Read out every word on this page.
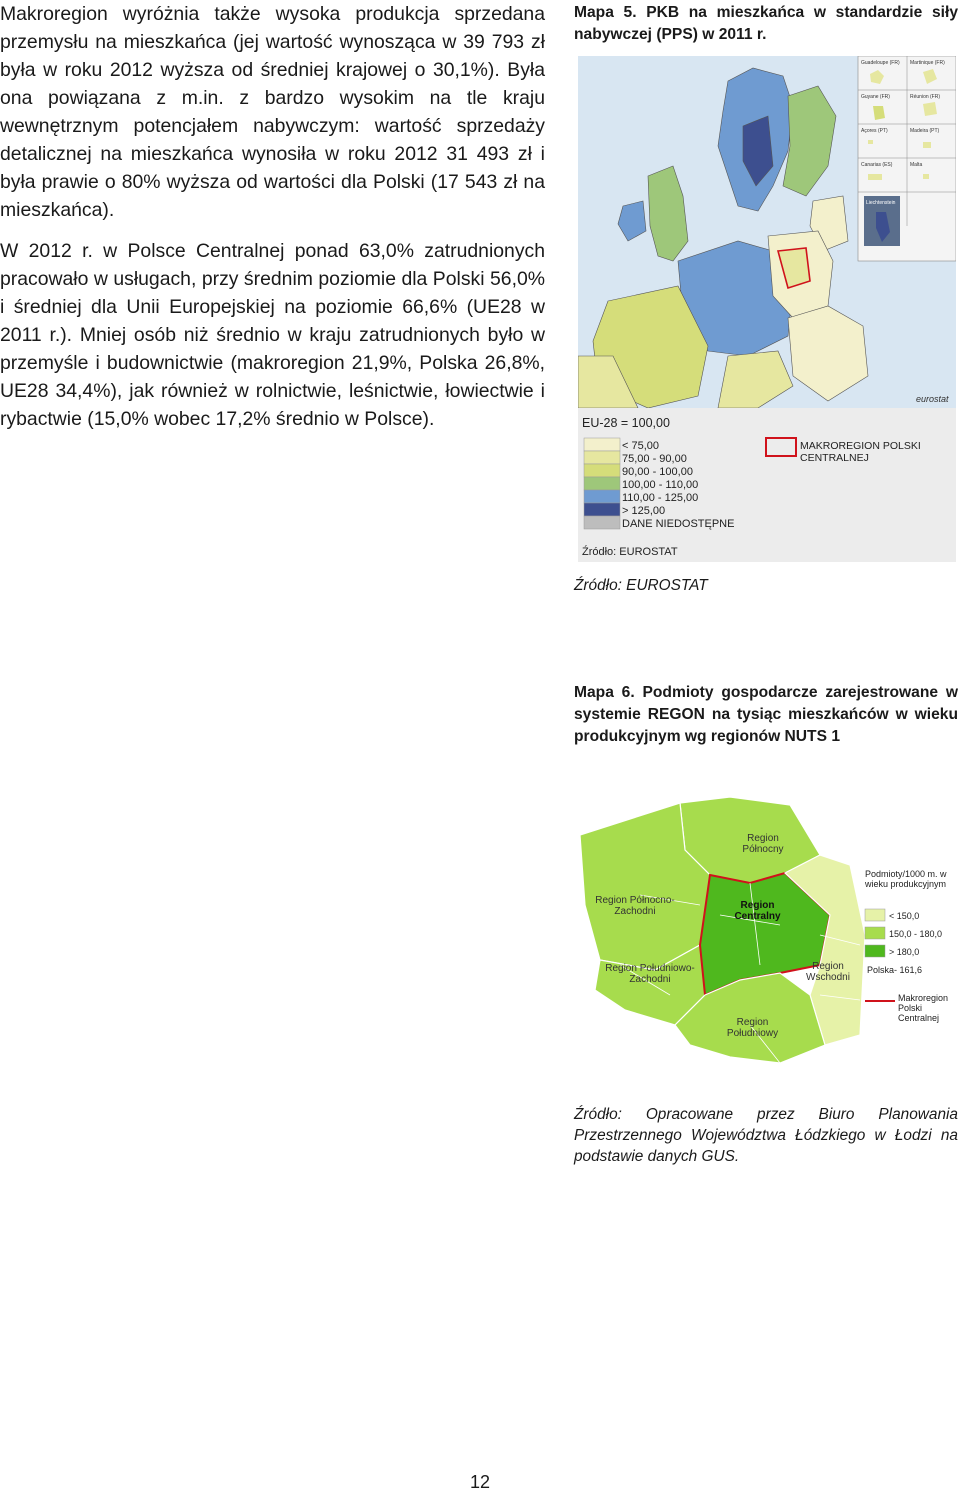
Makroregion wyróżnia także wysoka produkcja sprzedana przemysłu na mieszkańca (jej wartość wynosząca w 39 793 zł była w roku 2012 wyższa od średniej krajowej o 30,1%). Była ona powiązana z m.in. z bardzo wysokim na tle kraju wewnętrznym potencjałem nabywczym: wartość sprzedaży detalicznej na mieszkańca wynosiła w roku 2012 31 493 zł i była prawie o 80% wyższa od wartości dla Polski (17 543 zł na mieszkańca).

W 2012 r. w Polsce Centralnej ponad 63,0% zatrudnionych pracowało w usługach, przy średnim poziomie dla Polski 56,0% i średniej dla Unii Europejskiej na poziomie 66,6% (UE28 w 2011 r.). Mniej osób niż średnio w kraju zatrudnionych było w przemyśle i budownictwie (makroregion 21,9%, Polska 26,8%, UE28 34,4%), jak również w rolnictwie, leśnictwie, łowiectwie i rybactwie (15,0% wobec 17,2% średnio w Polsce).

Mapa 5. PKB na mieszkańca w standardzie siły nabywczej (PPS) w 2011 r.

Źródło: EUROSTAT

Mapa 6. Podmioty gospodarcze zarejestrowane w systemie REGON na tysiąc mieszkańców w wieku produkcyjnym wg regionów NUTS 1

Źródło: Opracowane przez Biuro Planowania Przestrzennego Województwa Łódzkiego w Łodzi na podstawie danych GUS.

Guadeloupe (FR) Martinique (FR)
Guyane (FR)	Réunion (FR)
Açores (PT)	Madeira (PT)
Canarias (ES)	Malta
Liechtenstein
eurostat
EU-28 = 100,00
< 75,00
75,00 - 90,00
90,00 - 100,00
100,00 - 110,00
110,00 - 125,00
> 125,00
DANE NIEDOSTĘPNE
MAKROREGION POLSKI CENTRALNEJ
Źródło: EUROSTAT
Region Północny
Region Północno-Zachodni
Region Centralny
Region Południowo-Zachodni
Region Wschodni
Region Południowy
Podmioty/1000 m. w wieku produkcyjnym
< 150,0
150,0 - 180,0
> 180,0
Polska- 161,6
Makroregion Polski Centralnej
12
